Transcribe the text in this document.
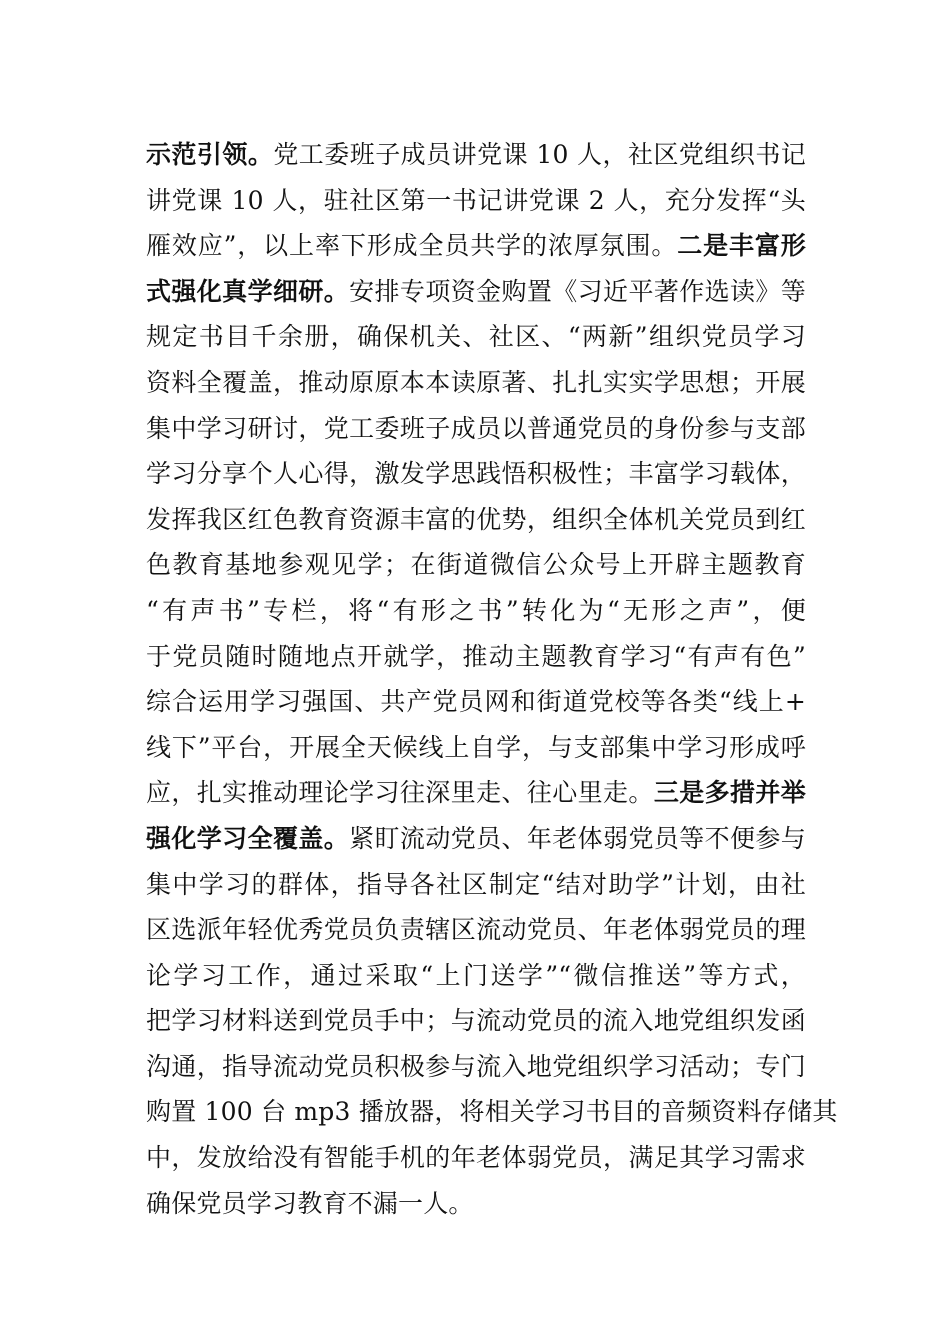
示范引领。党工委班子成员讲党课 10 人，社区党组织书记
讲党课 10 人，驻社区第一书记讲党课 2 人，充分发挥“头
雁效应”，以上率下形成全员共学的浓厚氛围。二是丰富形
式强化真学细研。安排专项资金购置《习近平著作选读》等
规定书目千余册，确保机关、社区、“两新”组织党员学习
资料全覆盖，推动原原本本读原著、扎扎实实学思想；开展
集中学习研讨，党工委班子成员以普通党员的身份参与支部
学习分享个人心得，激发学思践悟积极性；丰富学习载体，
发挥我区红色教育资源丰富的优势，组织全体机关党员到红
色教育基地参观见学；在街道微信公众号上开辟主题教育
“有声书”专栏，将“有形之书”转化为“无形之声”，便
于党员随时随地点开就学，推动主题教育学习“有声有色”
综合运用学习强国、共产党员网和街道党校等各类“线上+
线下”平台，开展全天候线上自学，与支部集中学习形成呼
应，扎实推动理论学习往深里走、往心里走。三是多措并举
强化学习全覆盖。紧盯流动党员、年老体弱党员等不便参与
集中学习的群体，指导各社区制定“结对助学”计划，由社
区选派年轻优秀党员负责辖区流动党员、年老体弱党员的理
论学习工作，通过采取“上门送学”“微信推送”等方式，
把学习材料送到党员手中；与流动党员的流入地党组织发函
沟通，指导流动党员积极参与流入地党组织学习活动；专门
购置 100 台 mp3 播放器，将相关学习书目的音频资料存储其
中，发放给没有智能手机的年老体弱党员，满足其学习需求
确保党员学习教育不漏一人。
